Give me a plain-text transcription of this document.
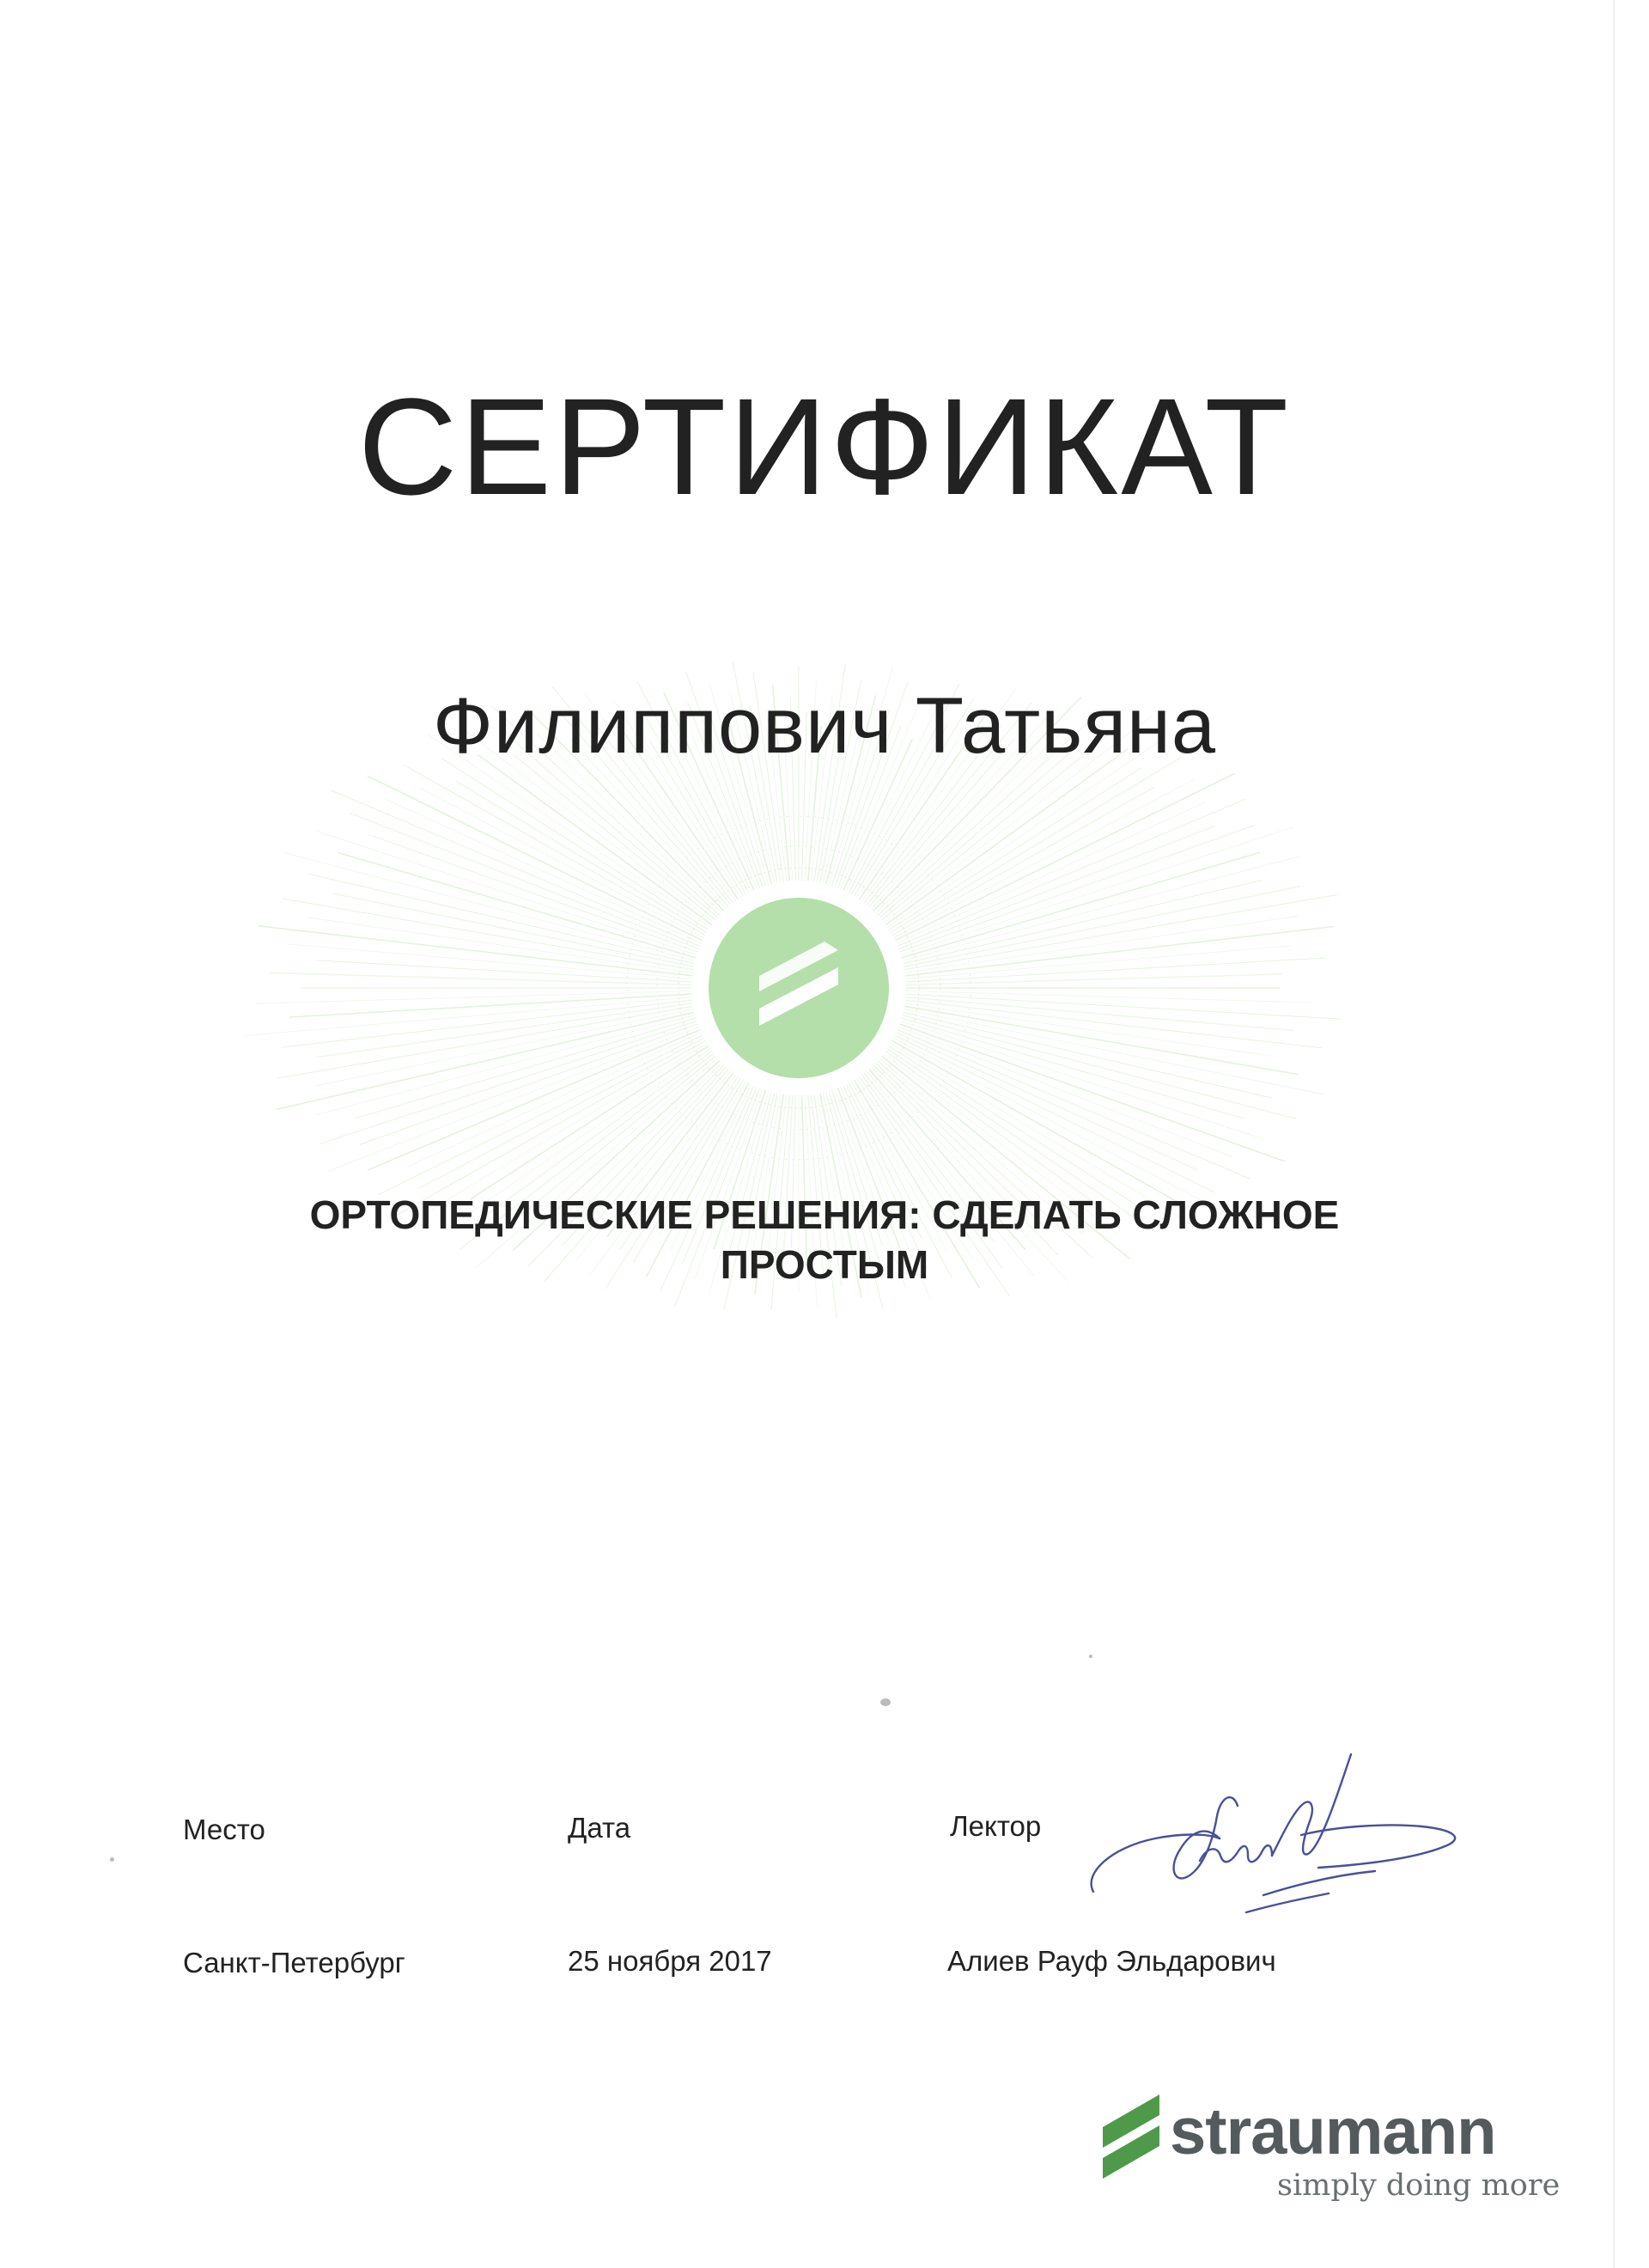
СЕРТИФИКАТ
Филиппович Татьяна
ОРТОПЕДИЧЕСКИЕ РЕШЕНИЯ: СДЕЛАТЬ СЛОЖНОЕ
ПРОСТЫМ
Место	Дата	Лектор
Санкт-Петербург	25 ноября 2017	Алиев Рауф Эльдарович
straumann
simply doing more
